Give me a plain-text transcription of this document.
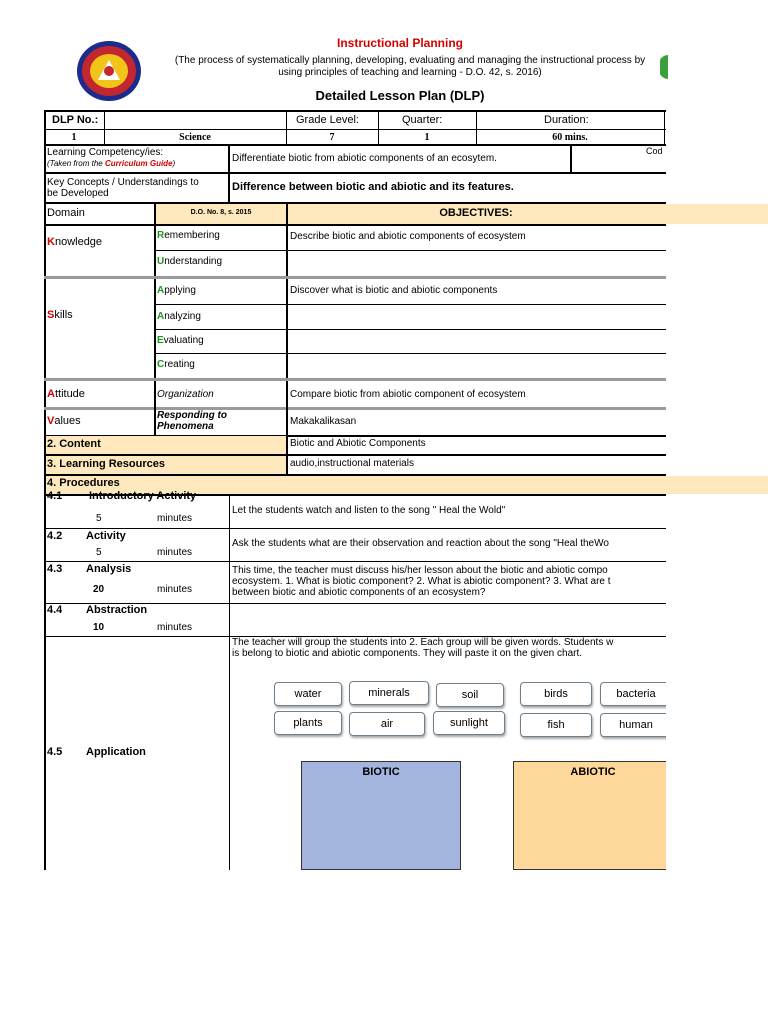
Instructional Planning
(The process of systematically planning, developing, evaluating and managing the instructional process by
using principles of teaching and learning - D.O. 42, s. 2016)
Detailed Lesson Plan (DLP)
DLP No.:	Grade Level:	Quarter:	Duration:
1	Science	7	1	60 mins.
Learning Competency/ies:
(Taken from the Curriculum Guide)	Differentiate biotic from abiotic components of an ecosytem.
Cod
Key Concepts / Understandings to
be Developed
Difference between biotic and abiotic and its features.
Domain	D.O. No. 8, s. 2015	OBJECTIVES:
Knowledge
Remembering	Describe biotic and abiotic components of ecosystem
Understanding
Skills
Applying	Discover what is biotic and abiotic components
Analyzing
Evaluating
Creating
Attitude	Organization	Compare biotic from abiotic component of ecosystem
Values	Responding to
Phenomena	Makakalikasan
2. Content	Biotic and Abiotic Components
3. Learning Resources	audio,instructional materials
4. Procedures
4.1 Introductory Activity
5	minutes
Let the students watch and listen to the song " Heal the Wold"
4.2 Activity
5	minutes
Ask the students what are their observation and reaction about the song "Heal theWo
4.3 Analysis
20	minutes
This time, the teacher must discuss his/her lesson about the biotic and abiotic compo
ecosystem. 1. What is biotic component? 2. What is abiotic component? 3. What are t
between biotic and abiotic components of an ecosystem?
4.4 Abstraction
10	minutes
4.5 Application
The teacher will group the students into 2. Each group will be given words. Students w
is belong to biotic and abiotic components. They will paste it on the given chart.
water	minerals	soil	birds	bacteria
plants	air	sunlight	fish	human
BIOTIC	ABIOTIC
